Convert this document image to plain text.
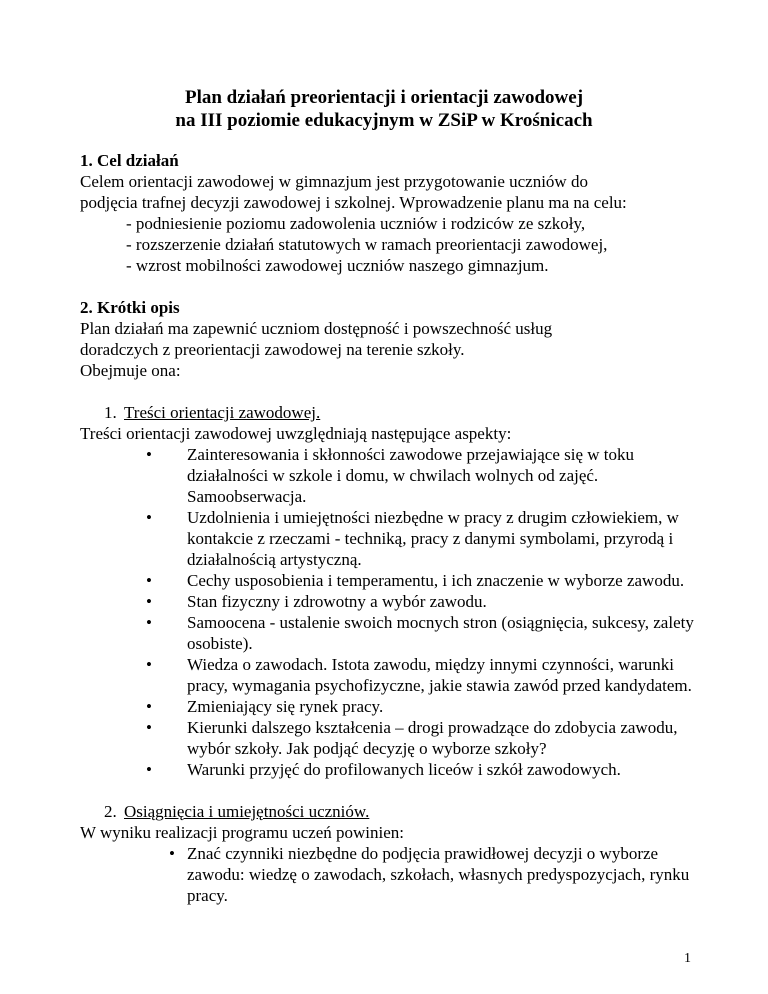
Plan działań preorientacji i orientacji zawodowej
na III poziomie edukacyjnym w ZSiP w Krośnicach

1. Cel działań

Celem orientacji zawodowej w gimnazjum jest przygotowanie uczniów do

podjęcia trafnej decyzji zawodowej i szkolnej. Wprowadzenie planu ma na celu:

- podniesienie poziomu zadowolenia uczniów i rodziców ze szkoły,

- rozszerzenie działań statutowych w ramach preorientacji zawodowej,

- wzrost mobilności zawodowej uczniów naszego gimnazjum.

2. Krótki opis

Plan działań ma zapewnić uczniom dostępność i powszechność usług

doradczych z preorientacji zawodowej na terenie szkoły.

Obejmuje ona:

1. Treści orientacji zawodowej.

Treści orientacji zawodowej uwzględniają następujące aspekty:

• Zainteresowania i skłonności zawodowe przejawiające się w toku działalności w szkole i domu, w chwilach wolnych od zajęć. Samoobserwacja.
• Uzdolnienia i umiejętności niezbędne w pracy z drugim człowiekiem, w kontakcie z rzeczami - techniką, pracy z danymi symbolami, przyrodą i działalnością artystyczną.
• Cechy usposobienia i temperamentu, i ich znaczenie w wyborze zawodu.
• Stan fizyczny i zdrowotny a wybór zawodu.
• Samoocena - ustalenie swoich mocnych stron (osiągnięcia, sukcesy, zalety osobiste).
• Wiedza o zawodach. Istota zawodu, między innymi czynności, warunki pracy, wymagania psychofizyczne, jakie stawia zawód przed kandydatem.
• Zmieniający się rynek pracy.
• Kierunki dalszego kształcenia – drogi prowadzące do zdobycia zawodu, wybór szkoły. Jak podjąć decyzję o wyborze szkoły?
• Warunki przyjęć do profilowanych liceów i szkół zawodowych.

2. Osiągnięcia i umiejętności uczniów.

W wyniku realizacji programu uczeń powinien:

• Znać czynniki niezbędne do podjęcia prawidłowej decyzji o wyborze zawodu: wiedzę o zawodach, szkołach, własnych predyspozycjach, rynku pracy.
1
